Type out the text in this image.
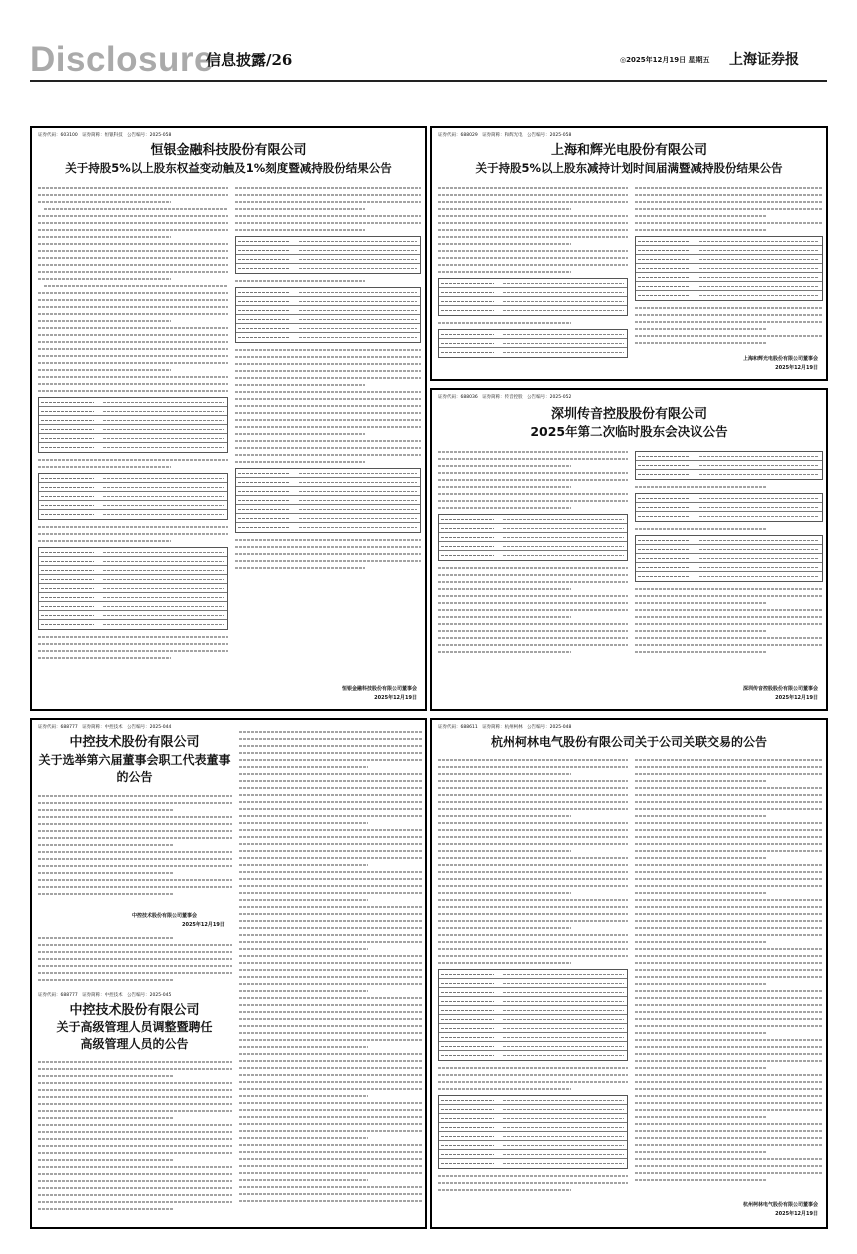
Disclosure
信息披露/26	◎2025年12月19日 星期五 上海证券报
证券代码：603100　证券简称：恒银科技　公告编号：2025-058
恒银金融科技股份有限公司
关于持股5%以上股东权益变动触及1%刻度暨减持股份结果公告
恒银金融科技股份有限公司董事会
2025年12月19日
证券代码：688029　证券简称：和辉光电　公告编号：2025-058
上海和辉光电股份有限公司
关于持股5%以上股东减持计划时间届满暨减持股份结果公告
上海和辉光电股份有限公司董事会
2025年12月19日
证券代码：688036　证券简称：传音控股　公告编号：2025-052
深圳传音控股股份有限公司
2025年第二次临时股东会决议公告
深圳传音控股股份有限公司董事会
2025年12月19日
证券代码：688777　证券简称：中控技术　公告编号：2025-044
中控技术股份有限公司
关于选举第六届董事会职工代表董事
的公告
中控技术股份有限公司董事会
2025年12月19日
证券代码：688777　证券简称：中控技术　公告编号：2025-045
中控技术股份有限公司
关于高级管理人员调整暨聘任
高级管理人员的公告
证券代码：688611　证券简称：杭州柯林　公告编号：2025-048
杭州柯林电气股份有限公司关于公司关联交易的公告
杭州柯林电气股份有限公司董事会
2025年12月19日
